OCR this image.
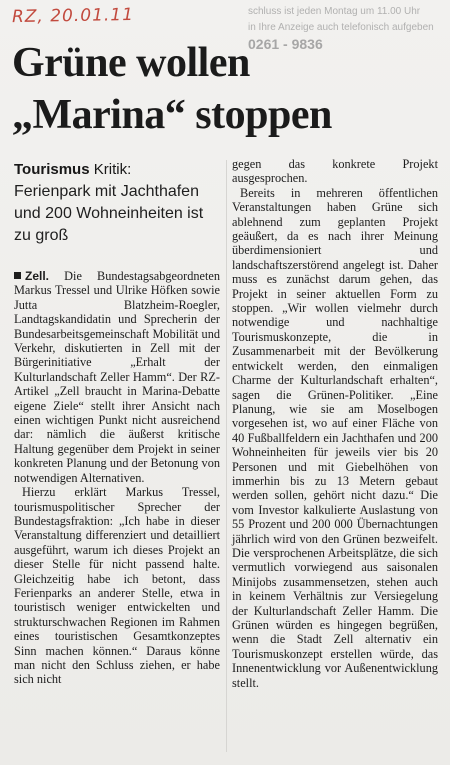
RZ, 20.01.11	schluss ist jeden Montag um 11.00 Uhr
in Ihre Anzeige auch telefonisch aufgeben
0261 - 9836
Grüne wollen
„Marina“ stoppen
Tourismus Kritik:

Ferienpark mit Jachthafen und 200 Wohneinheiten ist zu groß

Zell. Die Bundestagsabgeordneten Markus Tressel und Ulrike Höfken sowie Jutta Blatzheim-Roegler, Landtagskandidatin und Sprecherin der Bundesarbeitsgemeinschaft Mobilität und Verkehr, diskutierten in Zell mit der Bürgerinitiative „Erhalt der Kulturlandschaft Zeller Hamm“. Der RZ-Artikel „Zell braucht in Marina-Debatte eigene Ziele“ stellt ihrer Ansicht nach einen wichtigen Punkt nicht ausreichend dar: nämlich die äußerst kritische Haltung gegenüber dem Projekt in seiner konkreten Planung und der Betonung von notwendigen Alternativen.

Hierzu erklärt Markus Tressel, tourismuspolitischer Sprecher der Bundestagsfraktion: „Ich habe in dieser Veranstaltung differenziert und detailliert ausgeführt, warum ich dieses Projekt an dieser Stelle für nicht passend halte. Gleichzeitig habe ich betont, dass Ferienparks an anderer Stelle, etwa in touristisch weniger entwickelten und strukturschwachen Regionen im Rahmen eines touristischen Gesamtkonzeptes Sinn machen können.“ Daraus könne man nicht den Schluss ziehen, er habe sich nicht

gegen das konkrete Projekt ausgesprochen.

Bereits in mehreren öffentlichen Veranstaltungen haben Grüne sich ablehnend zum geplanten Projekt geäußert, da es nach ihrer Meinung überdimensioniert und landschaftszerstörend angelegt ist. Daher muss es zunächst darum gehen, das Projekt in seiner aktuellen Form zu stoppen. „Wir wollen vielmehr durch notwendige und nachhaltige Tourismuskonzepte, die in Zusammenarbeit mit der Bevölkerung entwickelt werden, den einmaligen Charme der Kulturlandschaft erhalten“, sagen die Grünen-Politiker. „Eine Planung, wie sie am Moselbogen vorgesehen ist, wo auf einer Fläche von 40 Fußballfeldern ein Jachthafen und 200 Wohneinheiten für jeweils vier bis 20 Personen und mit Giebelhöhen von immerhin bis zu 13 Metern gebaut werden sollen, gehört nicht dazu.“ Die vom Investor kalkulierte Auslastung von 55 Prozent und 200 000 Übernachtungen jährlich wird von den Grünen bezweifelt. Die versprochenen Arbeitsplätze, die sich vermutlich vorwiegend aus saisonalen Minijobs zusammensetzen, stehen auch in keinem Verhältnis zur Versiegelung der Kulturlandschaft Zeller Hamm. Die Grünen würden es hingegen begrüßen, wenn die Stadt Zell alternativ ein Tourismuskonzept erstellen würde, das Innenentwicklung vor Außenentwicklung stellt.
